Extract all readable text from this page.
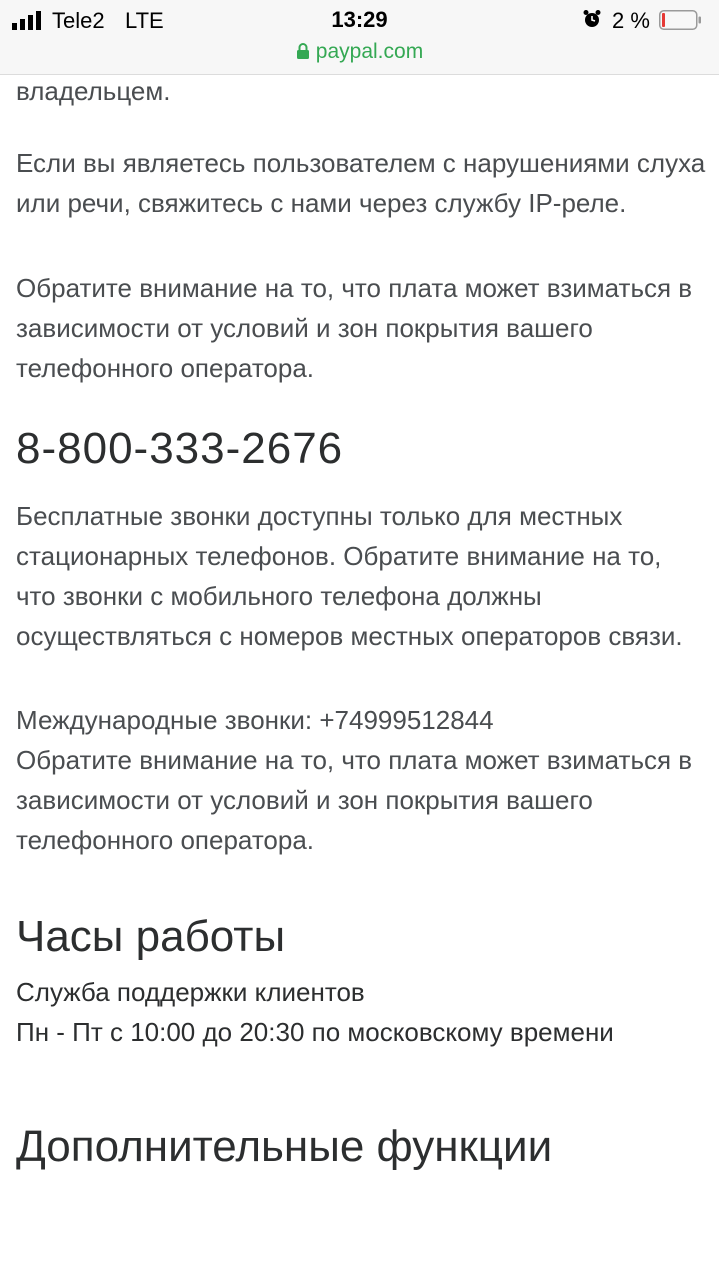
Tele2 LTE	13:29	2 %
paypal.com

владельцем.

Если вы являетесь пользователем с нарушениями слуха или речи, свяжитесь с нами через службу IP-реле.

Обратите внимание на то, что плата может взиматься в зависимости от условий и зон покрытия вашего телефонного оператора.

8-800-333-2676

Бесплатные звонки доступны только для местных стационарных телефонов. Обратите внимание на то, что звонки с мобильного телефона должны осуществляться с номеров местных операторов связи.

Международные звонки: +74999512844

Обратите внимание на то, что плата может взиматься в зависимости от условий и зон покрытия вашего телефонного оператора.

Часы работы

Служба поддержки клиентов

Пн - Пт с 10:00 до 20:30 по московскому времени

Дополнительные функции
